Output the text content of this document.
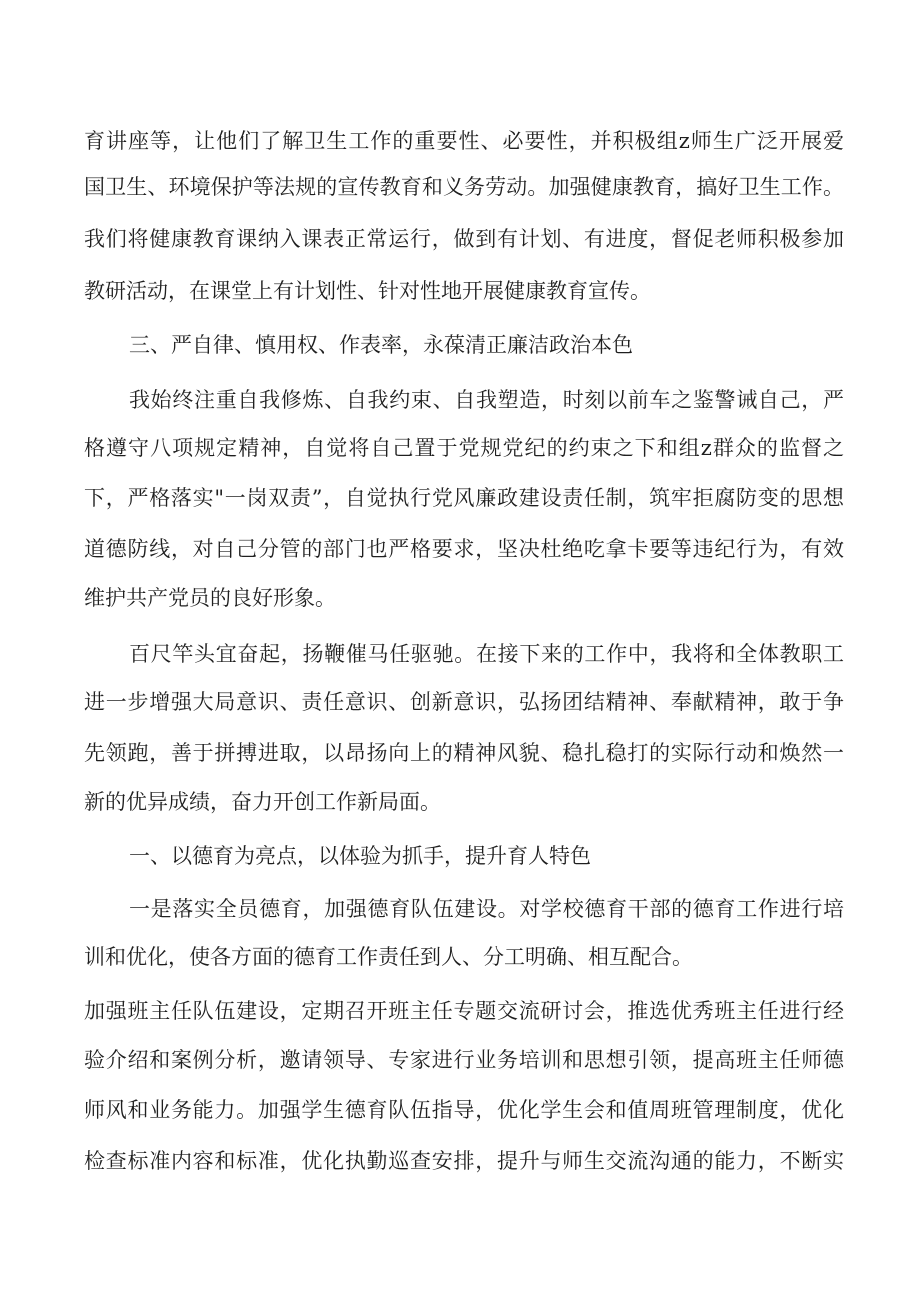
育讲座等，让他们了解卫生工作的重要性、必要性，并积极组z师生广泛开展爱
国卫生、环境保护等法规的宣传教育和义务劳动。加强健康教育，搞好卫生工作。
我们将健康教育课纳入课表正常运行，做到有计划、有进度，督促老师积极参加
教研活动，在课堂上有计划性、针对性地开展健康教育宣传。
三、严自律、慎用权、作表率，永葆清正廉洁政治本色
我始终注重自我修炼、自我约束、自我塑造，时刻以前车之鉴警诫自己，严
格遵守八项规定精神，自觉将自己置于党规党纪的约束之下和组z群众的监督之
下，严格落实"一岗双责”，自觉执行党风廉政建设责任制，筑牢拒腐防变的思想
道德防线，对自己分管的部门也严格要求，坚决杜绝吃拿卡要等违纪行为，有效
维护共产党员的良好形象。
百尺竿头宜奋起，扬鞭催马任驱驰。在接下来的工作中，我将和全体教职工
进一步增强大局意识、责任意识、创新意识，弘扬团结精神、奉献精神，敢于争
先领跑，善于拼搏进取，以昂扬向上的精神风貌、稳扎稳打的实际行动和焕然一
新的优异成绩，奋力开创工作新局面。
一、以德育为亮点，以体验为抓手，提升育人特色
一是落实全员德育，加强德育队伍建设。对学校德育干部的德育工作进行培
训和优化，使各方面的德育工作责任到人、分工明确、相互配合。
加强班主任队伍建设，定期召开班主任专题交流研讨会，推选优秀班主任进行经
验介绍和案例分析，邀请领导、专家进行业务培训和思想引领，提高班主任师德
师风和业务能力。加强学生德育队伍指导，优化学生会和值周班管理制度，优化
检查标准内容和标准，优化执勤巡查安排，提升与师生交流沟通的能力，不断实
